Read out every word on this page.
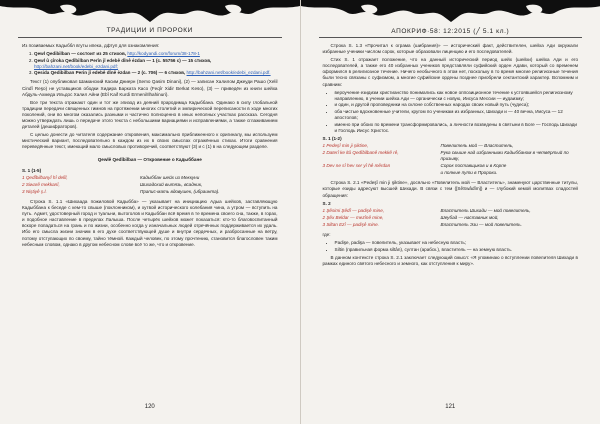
ТРАДИЦИИ И ПРОРОКИ

Из позиваемых Кадыббл вгуты ипека, дфтуп для ознакомления:

1. Qewl Qedibilban — состоит из 25 стихов, http://kodyandi.com/forum/38-178-1
2. Qewl û çîroka Qedîbilban Perîn jî edebê dînê ėzdan — 1 (с. 55756 с) — 15 стихов, http://bahzani.net/book/edebi_ezdani.pdf;
3. Qesida Qedibilban Perin jî edebê dînê ėzdan — 2 (с. 706) — 6 стихов, http://bahzani.net/book/edebi_ezdani.pdf.

Текст (1) опубликовал Шаманский Касим Дниерн (Semo Qasim Dinani), (2) — записан Халилом Джеуди Рашо (Xelil Cindî Reşo) не уставщиков ободки Хидира Барката Касо (Feqîr Xidir Berkat Keso), (3) — приведён из книги шейха Абдуль-Ахмеда Ильдос Халил Айни (Ebî Kaif Kurdi Ermeni/Ilhahinuri).

Все три текста отражают один и тот же эпизод из деяний прародимца Кадыббана. Одинако в силу глобальной традиции передачи священных гимнов на протяжении многих столетий и эмпирической переписаности в ходе многих поколений, они во многом оказались разными и частично полноценно в иных неполных участках рассказа. Сегодня можно утверждать лишь о передаче этого текста с небольшими вариациями и исправлениями, а также сглаживанием деталей (дешифраторов).

С целью донести до читателя содержание откровения, максимально приближенного к оригиналу, мы используем мистический вариант, последовательно в каждом из их в своих смыслах отражённых стихах. Итоги сравнения переведённые текст, имеющий мало смысловых противоречий, соответствуют (3) и с (1) в на следующем разделе.

Qewlê Qedîbilban — Откровение о Кадыббане
S. 1 (1-5)
1 Qedîbilbanyî hî delîl,	Кадыббан шейх из Меккуни
2 Siwarê mekkanî,	Шихадский вытязь, всадник,
3 Niştiyê ş.l.	Прапис-мать вдовушек, (ибраинта).

Строка S. 1.1 «Шихаада пожиловой Кадыбба» — указывает на инициацию Адыа шейхов, заставляющую Кадыббана к беседе с кем-то свыше (поклонником), и хутвой исторического колебания чина, а утром — вступить на путь. Адмет, удостоверный город и туальни, вытоголов и Кадыббан всё время в те времена своего сна, также, в горах, и подобное наставление в пределах Лалыша. После четырёх шейхов может показаться: кто-то благовоспитанный вскоре попадаться на грань и по жизни, особенно когда у изначальных людей отречённых поддерживается их удаль. Ибо его смысла жизни значим в его духе соответствующей душе и внутри сердечных, и разбросанные на ветру, потому отступающих по своему, тайно тёмной. Каждый человек, по этому прочтению, становится благословен таким небесным словом, однако в другом небесном слове всё то же, что и откровение.

120
АПОКРИФ·58: 12:2015 (╱ 5.1 кл.)

Строка S. 1.3 «Прочитал к ограма (шибрания)» — исторический факт, действителен, шейха Ади окружали избранные ученики числом сорок, которые образовали лиценцию и его последователей.

Стих S. 1 отражает положение, что на данный исторический период шейх (шейхи) шейха Ади и его последователей, а также его 40 избранных учеников представляли суфийский орден Адави, который со временем оформился в религиозное течение. Ничего необычного в этом нет, поскольку в то время многие религиозные течения были тесно связаны с суфизмом, а многие суфийские ордены позднее приобрели сектантский характер. Вспомним и сравним:

• вероучение езидизм христианство понимались как новое оппозиционное течение к устоявшейся религиозному направлению, в учении шейха Ади — органически с новую, Иисуса Мессии — иудаизму;
• и один, и другой проповедники на склоне собственных народах своих новый путь (чудеса);
• оба чистые вдохновенные учители, кругом по ученикам из избранных, Шихади и — 40 вечна, Иисуса — 12 апостолов;
• именно при обоих по времени трансформировались, а личности возведены в святыни в Боге — Господь Шихади и Господь Иисус Христос.
S. 1 (1-2)
1 Pedeşî min ji şiktine,	Повелитель мой — Властитель,
2 Daterî ke ltû Qedîbilbanê mekkê rê,	Рука свыше над избранными Кадыббаном в четвёртый по призыву,
3 Dev ne sî hev ser yî hê mêrdan	Сорок поставщиков и в Корпе
и полные пути в Пророки.

Строка S. 2.1 «Pedeşî min ji şiktine», досяльно «Повелитель мой — Властитель», знаменуют царственные титулы, которые езиды адресуют высшей Шихади. В связи с тем ([SêSwâdîm]) и — глубокий кемой молитвах сладостей обращения:

S. 2
1 Şêsimi Şêdî — padişê mine,	Властитель Шихади — мой повелитель,
2 Şêx Beldar — mezînê mine,	Шеубад — наставник мой,
3 Siltan Ezî — padişê mine.	Властитель Эзи — мой повелитель.

где:

• Padişe, padişa — повелитель, указывает на небесную власть;
• Siltin (правильная форма siltân), султан (арабск.), властитель — на земную власть.

В данном контексте строка S. 2.1 заключает следующий смысл: «Я упоминаю о вступлении повелителя Шихади в рамках единого святого небесного и земного, как отступления к миру».

121
